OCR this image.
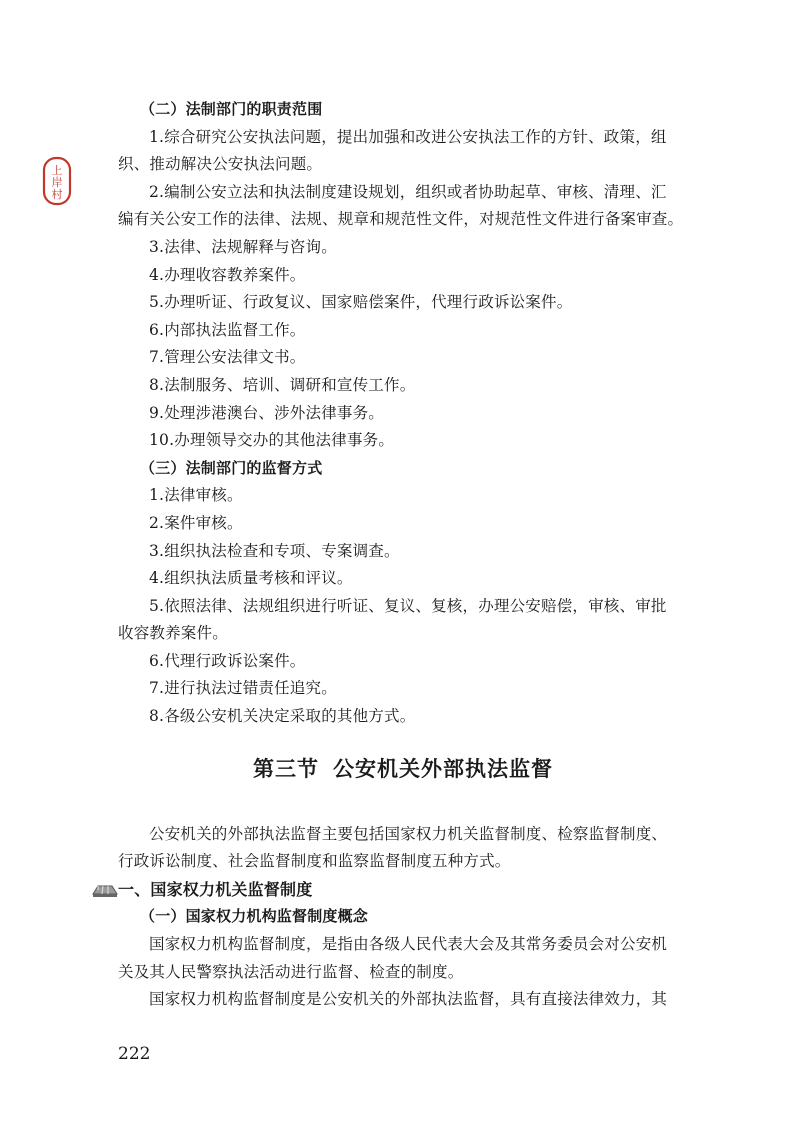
上
岸
村
（二）法制部门的职责范围
1.综合研究公安执法问题，提出加强和改进公安执法工作的方针、政策，组
织、推动解决公安执法问题。
2.编制公安立法和执法制度建设规划，组织或者协助起草、审核、清理、汇
编有关公安工作的法律、法规、规章和规范性文件，对规范性文件进行备案审查。
3.法律、法规解释与咨询。
4.办理收容教养案件。
5.办理听证、行政复议、国家赔偿案件，代理行政诉讼案件。
6.内部执法监督工作。
7.管理公安法律文书。
8.法制服务、培训、调研和宣传工作。
9.处理涉港澳台、涉外法律事务。
10.办理领导交办的其他法律事务。
（三）法制部门的监督方式
1.法律审核。
2.案件审核。
3.组织执法检查和专项、专案调查。
4.组织执法质量考核和评议。
5.依照法律、法规组织进行听证、复议、复核，办理公安赔偿，审核、审批
收容教养案件。
6.代理行政诉讼案件。
7.进行执法过错责任追究。
8.各级公安机关决定采取的其他方式。
第三节 公安机关外部执法监督
公安机关的外部执法监督主要包括国家权力机关监督制度、检察监督制度、
行政诉讼制度、社会监督制度和监察监督制度五种方式。
一、国家权力机关监督制度
（一）国家权力机构监督制度概念
国家权力机构监督制度，是指由各级人民代表大会及其常务委员会对公安机
关及其人民警察执法活动进行监督、检查的制度。
国家权力机构监督制度是公安机关的外部执法监督，具有直接法律效力，其
222
